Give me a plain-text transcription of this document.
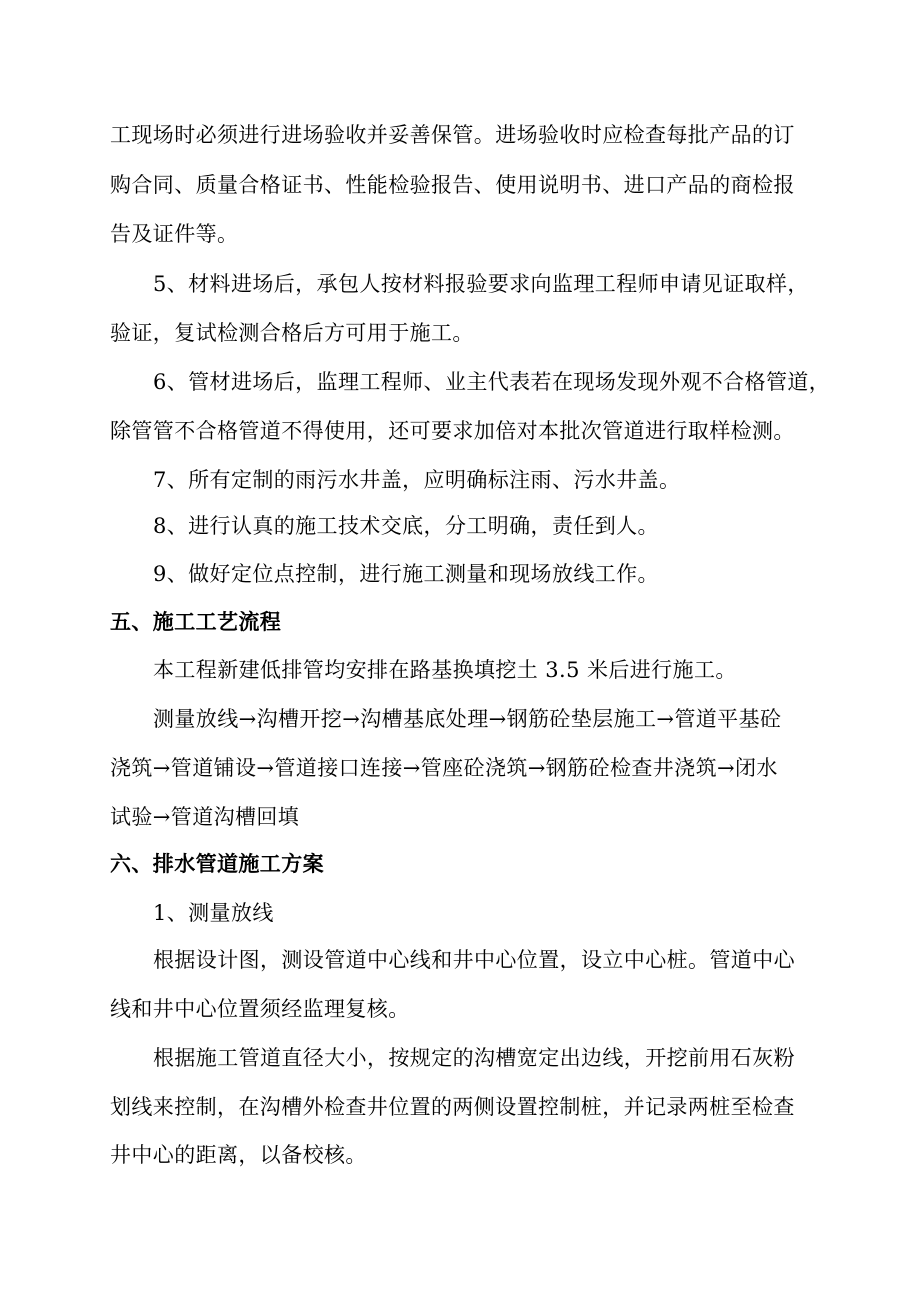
工现场时必须进行进场验收并妥善保管。进场验收时应检查每批产品的订
购合同、质量合格证书、性能检验报告、使用说明书、进口产品的商检报
告及证件等。
5、材料进场后，承包人按材料报验要求向监理工程师申请见证取样，
验证，复试检测合格后方可用于施工。
6、管材进场后，监理工程师、业主代表若在现场发现外观不合格管道，
除管管不合格管道不得使用，还可要求加倍对本批次管道进行取样检测。
7、所有定制的雨污水井盖，应明确标注雨、污水井盖。
8、进行认真的施工技术交底，分工明确，责任到人。
9、做好定位点控制，进行施工测量和现场放线工作。
五、施工工艺流程
本工程新建低排管均安排在路基换填挖土 3.5 米后进行施工。
测量放线→沟槽开挖→沟槽基底处理→钢筋砼垫层施工→管道平基砼
浇筑→管道铺设→管道接口连接→管座砼浇筑→钢筋砼检查井浇筑→闭水
试验→管道沟槽回填
六、排水管道施工方案
1、测量放线
根据设计图，测设管道中心线和井中心位置，设立中心桩。管道中心
线和井中心位置须经监理复核。
根据施工管道直径大小，按规定的沟槽宽定出边线，开挖前用石灰粉
划线来控制，在沟槽外检查井位置的两侧设置控制桩，并记录两桩至检查
井中心的距离，以备校核。
